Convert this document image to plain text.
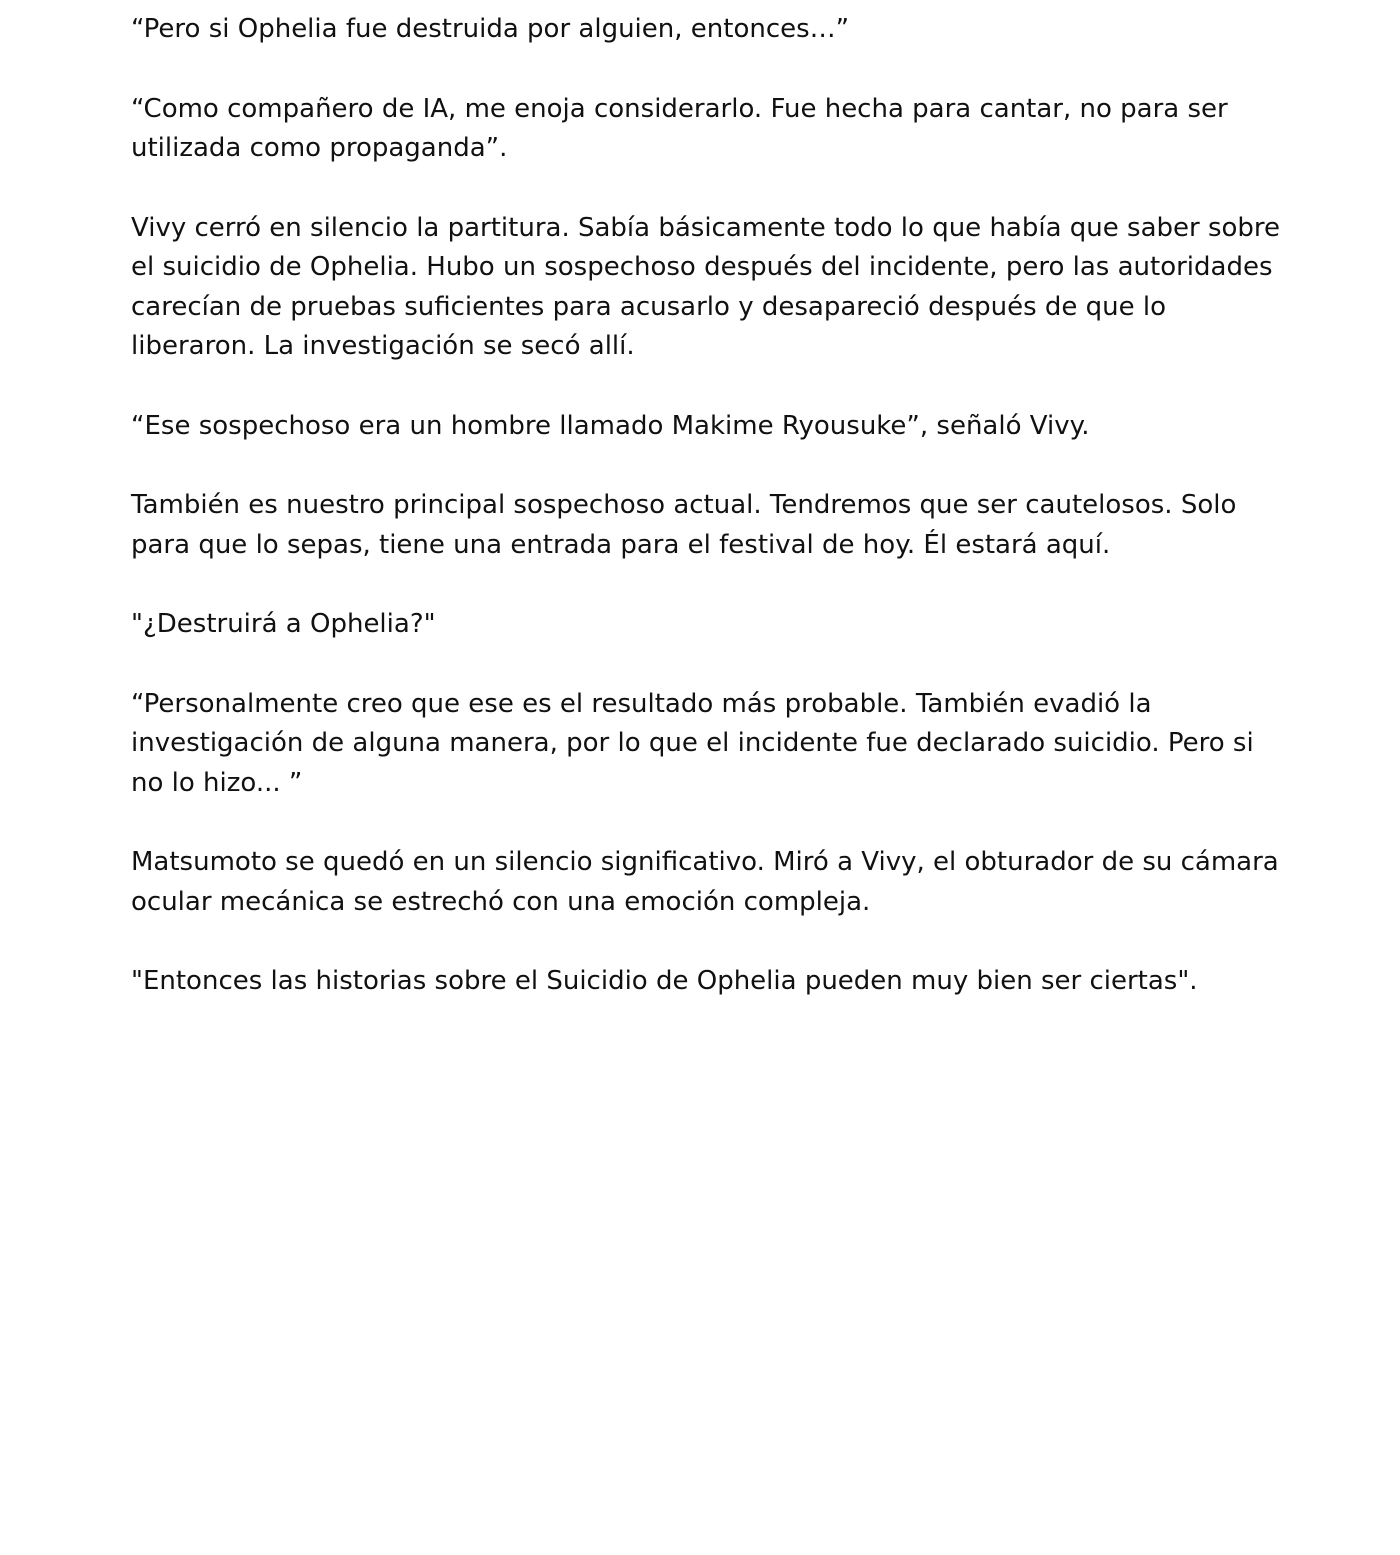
“Pero si Ophelia fue destruida por alguien, entonces…”

“Como compañero de IA, me enoja considerarlo. Fue hecha para cantar, no para ser utilizada como propaganda”.

Vivy cerró en silencio la partitura. Sabía básicamente todo lo que había que saber sobre el suicidio de Ophelia. Hubo un sospechoso después del incidente, pero las autoridades carecían de pruebas suficientes para acusarlo y desapareció después de que lo liberaron. La investigación se secó allí.

“Ese sospechoso era un hombre llamado Makime Ryousuke”, señaló Vivy.

También es nuestro principal sospechoso actual. Tendremos que ser cautelosos. Solo para que lo sepas, tiene una entrada para el festival de hoy. Él estará aquí.

"¿Destruirá a Ophelia?"

“Personalmente creo que ese es el resultado más probable. También evadió la investigación de alguna manera, por lo que el incidente fue declarado suicidio. Pero si no lo hizo... ”

Matsumoto se quedó en un silencio significativo. Miró a Vivy, el obturador de su cámara ocular mecánica se estrechó con una emoción compleja.

"Entonces las historias sobre el Suicidio de Ophelia pueden muy bien ser ciertas".
